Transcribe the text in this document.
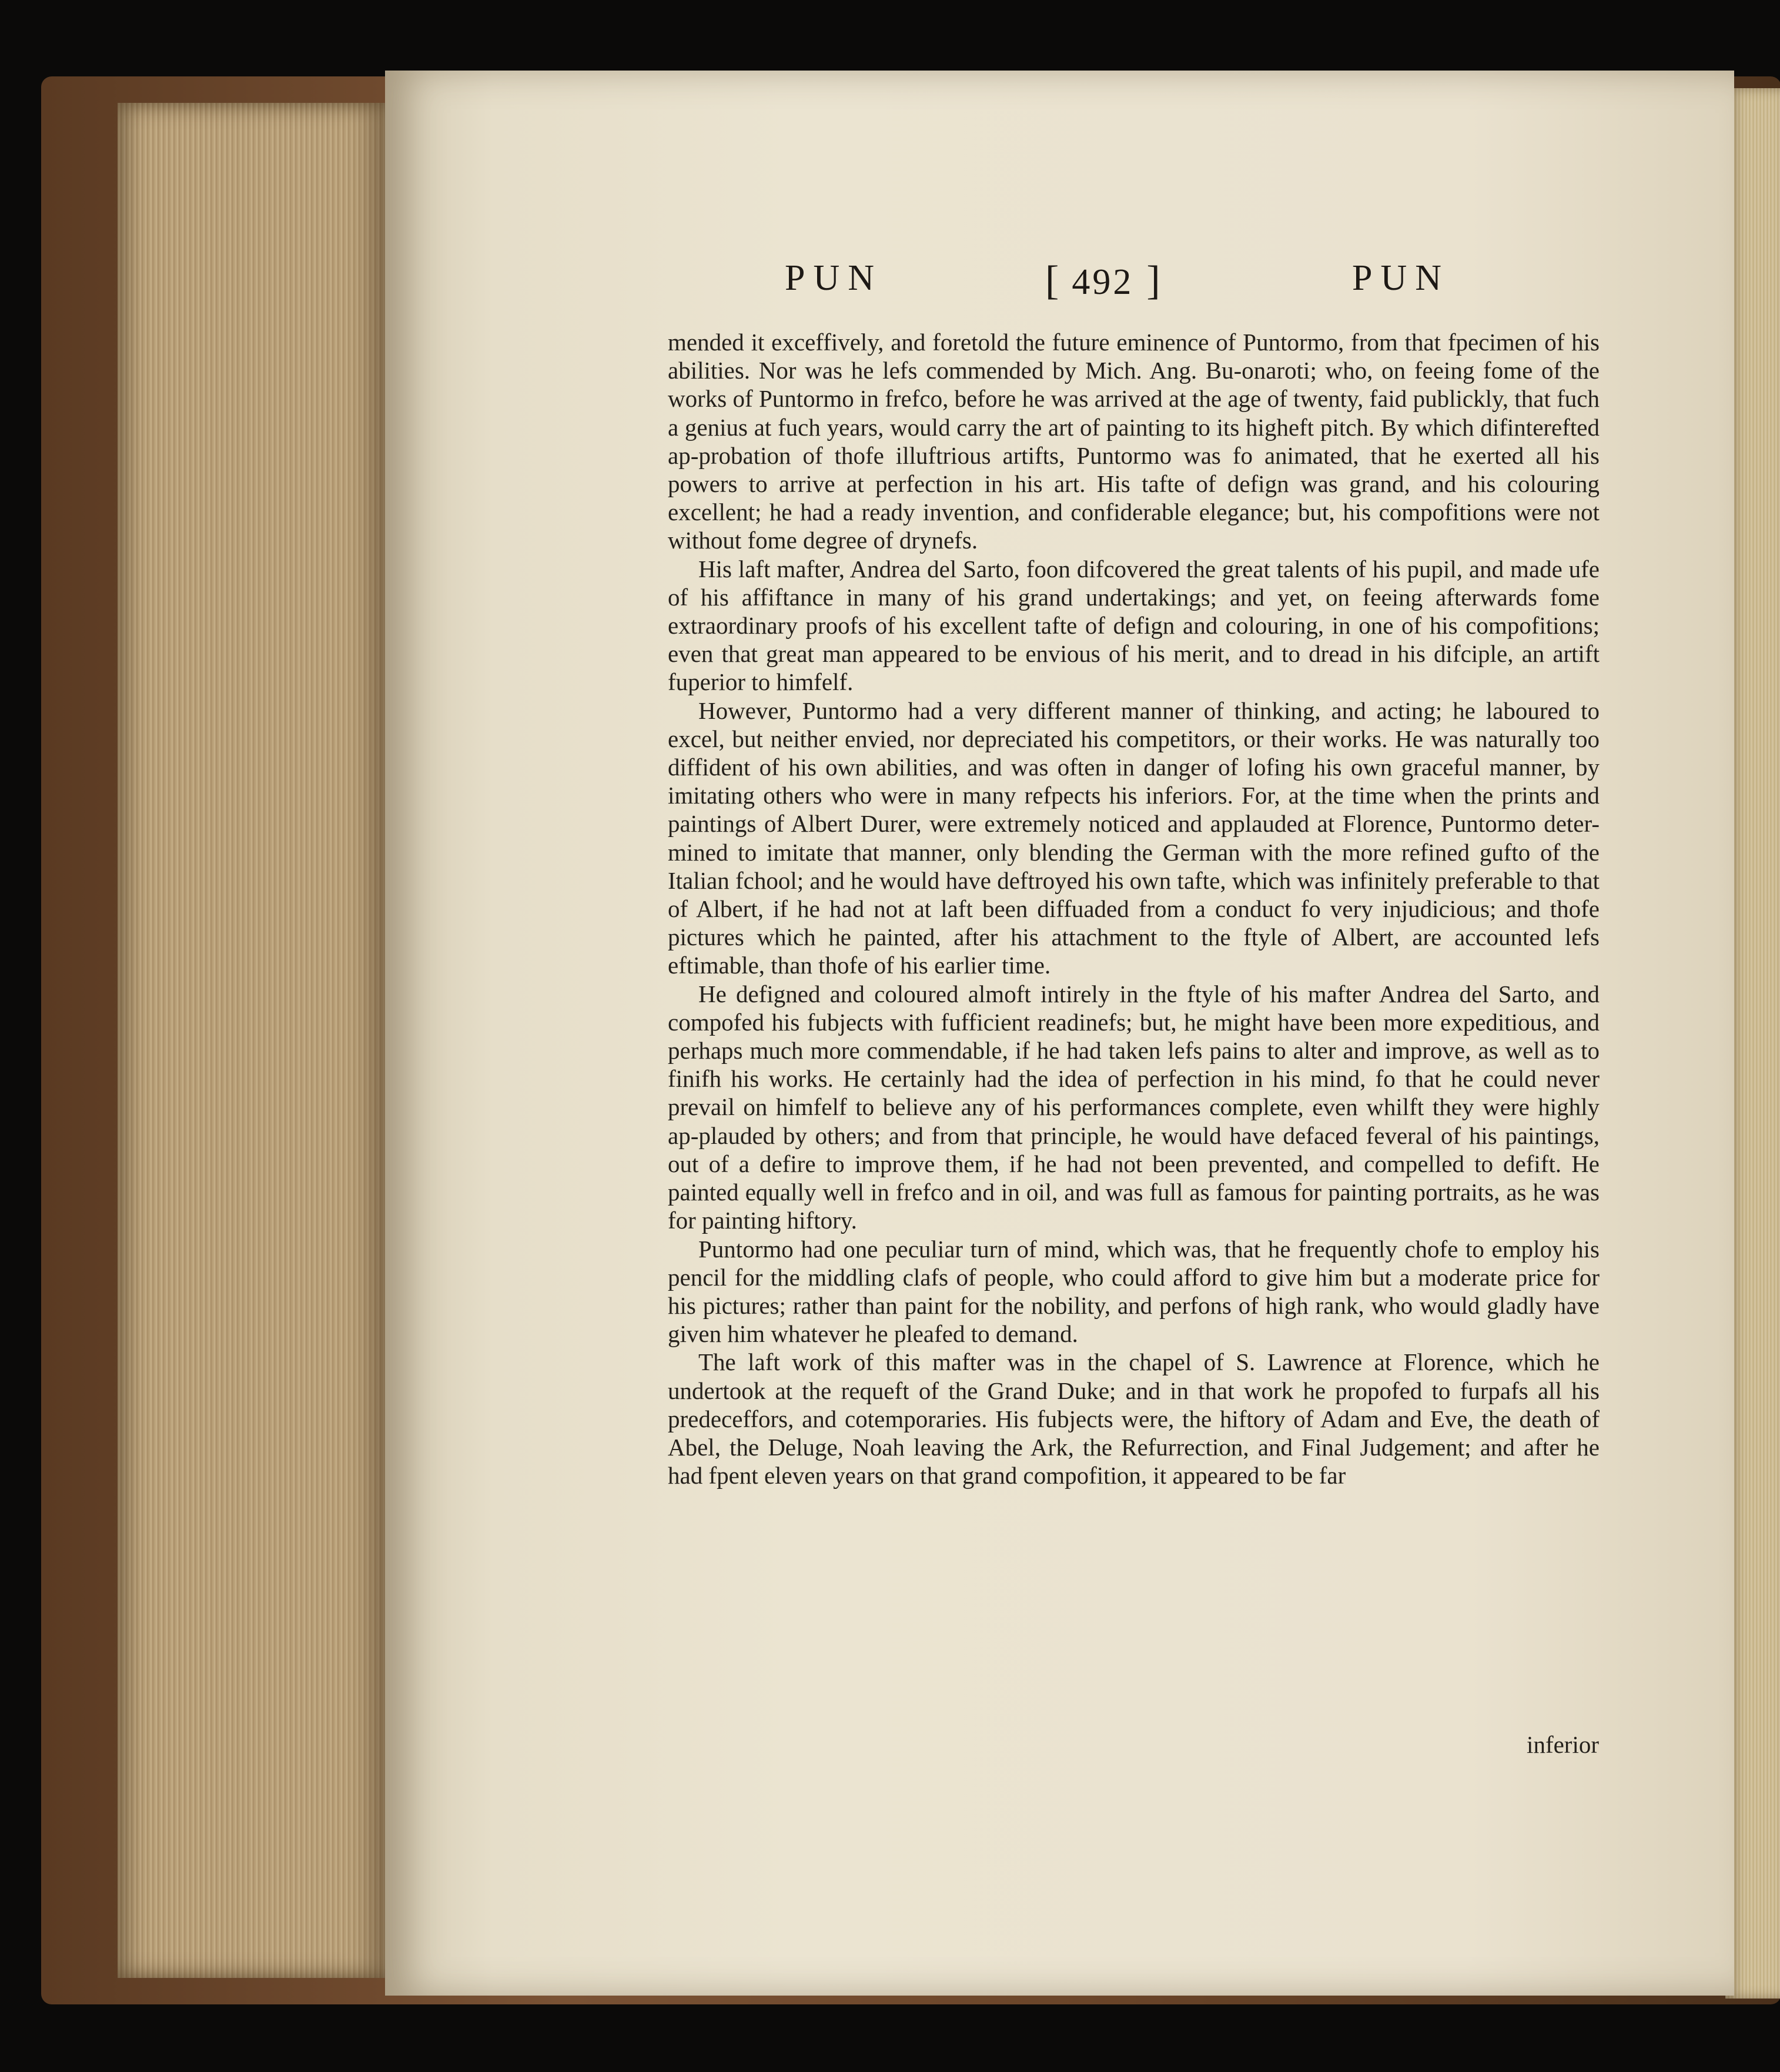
PUN	[ 492 ]	PUN

mended it exceffively, and foretold the future eminence of Puntormo, from that fpecimen of his abilities. Nor was he lefs commended by Mich. Ang. Bu-onaroti; who, on feeing fome of the works of Puntormo in frefco, before he was arrived at the age of twenty, faid publickly, that fuch a genius at fuch years, would carry the art of painting to its higheft pitch. By which difinterefted ap-probation of thofe illuftrious artifts, Puntormo was fo animated, that he exerted all his powers to arrive at perfection in his art. His tafte of defign was grand, and his colouring excellent; he had a ready invention, and confiderable elegance; but, his compofitions were not without fome degree of drynefs.

His laft mafter, Andrea del Sarto, foon difcovered the great talents of his pupil, and made ufe of his affiftance in many of his grand undertakings; and yet, on feeing afterwards fome extraordinary proofs of his excellent tafte of defign and colouring, in one of his compofitions; even that great man appeared to be envious of his merit, and to dread in his difciple, an artift fuperior to himfelf.

However, Puntormo had a very different manner of thinking, and acting; he laboured to excel, but neither envied, nor depreciated his competitors, or their works. He was naturally too diffident of his own abilities, and was often in danger of lofing his own graceful manner, by imitating others who were in many refpects his inferiors. For, at the time when the prints and paintings of Albert Durer, were extremely noticed and applauded at Florence, Puntormo deter-mined to imitate that manner, only blending the German with the more refined gufto of the Italian fchool; and he would have deftroyed his own tafte, which was infinitely preferable to that of Albert, if he had not at laft been diffuaded from a conduct fo very injudicious; and thofe pictures which he painted, after his attachment to the ftyle of Albert, are accounted lefs eftimable, than thofe of his earlier time.

He defigned and coloured almoft intirely in the ftyle of his mafter Andrea del Sarto, and compofed his fubjects with fufficient readinefs; but, he might have been more expeditious, and perhaps much more commendable, if he had taken lefs pains to alter and improve, as well as to finifh his works. He certainly had the idea of perfection in his mind, fo that he could never prevail on himfelf to believe any of his performances complete, even whilft they were highly ap-plauded by others; and from that principle, he would have defaced feveral of his paintings, out of a defire to improve them, if he had not been prevented, and compelled to defift. He painted equally well in frefco and in oil, and was full as famous for painting portraits, as he was for painting hiftory.

Puntormo had one peculiar turn of mind, which was, that he frequently chofe to employ his pencil for the middling clafs of people, who could afford to give him but a moderate price for his pictures; rather than paint for the nobility, and perfons of high rank, who would gladly have given him whatever he pleafed to demand.

The laft work of this mafter was in the chapel of S. Lawrence at Florence, which he undertook at the requeft of the Grand Duke; and in that work he propofed to furpafs all his predeceffors, and cotemporaries. His fubjects were, the hiftory of Adam and Eve, the death of Abel, the Deluge, Noah leaving the Ark, the Refurrection, and Final Judgement; and after he had fpent eleven years on that grand compofition, it appeared to be far

inferior
